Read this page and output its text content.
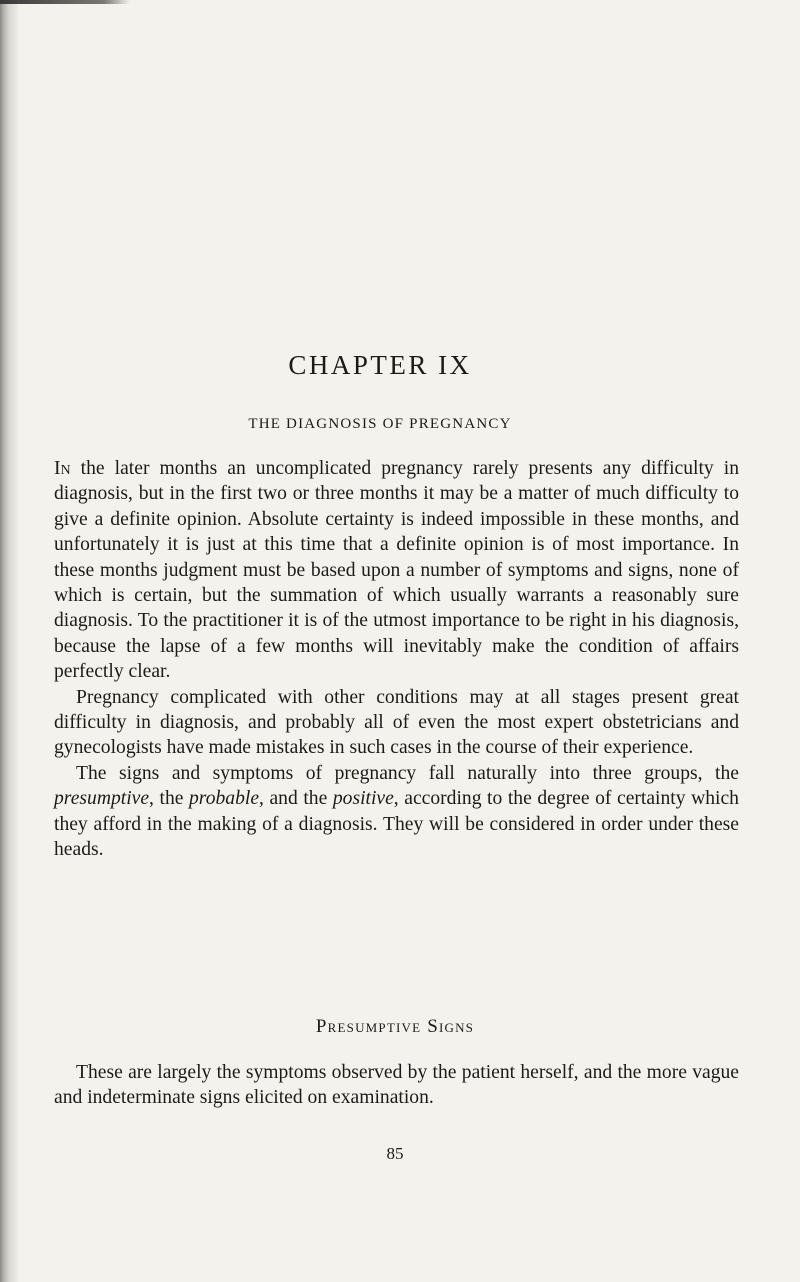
CHAPTER IX
THE DIAGNOSIS OF PREGNANCY

In the later months an uncomplicated pregnancy rarely presents any difficulty in diagnosis, but in the first two or three months it may be a matter of much difficulty to give a definite opinion. Absolute certainty is indeed impossible in these months, and unfortunately it is just at this time that a definite opinion is of most importance. In these months judgment must be based upon a number of symptoms and signs, none of which is certain, but the summation of which usually warrants a reasonably sure diagnosis. To the practitioner it is of the utmost importance to be right in his diagnosis, because the lapse of a few months will inevitably make the condition of affairs perfectly clear.

Pregnancy complicated with other conditions may at all stages present great difficulty in diagnosis, and probably all of even the most expert obstetricians and gynecologists have made mistakes in such cases in the course of their experience.

The signs and symptoms of pregnancy fall naturally into three groups, the presumptive, the probable, and the positive, according to the degree of certainty which they afford in the making of a diagnosis. They will be considered in order under these heads.

Presumptive Signs

These are largely the symptoms observed by the patient herself, and the more vague and indeterminate signs elicited on examination.

85
